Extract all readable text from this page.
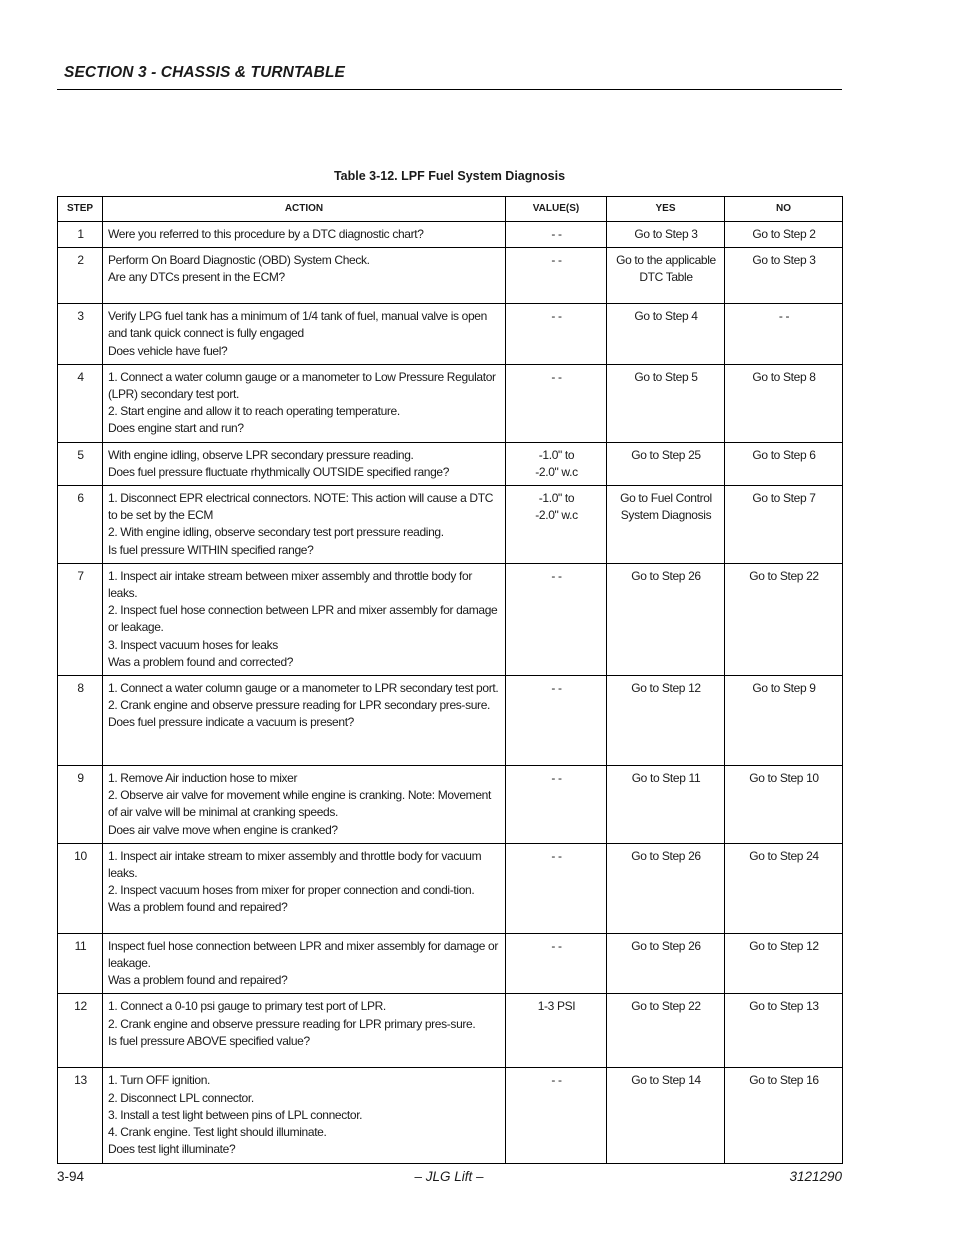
SECTION 3 - CHASSIS & TURNTABLE
Table 3-12. LPF Fuel System Diagnosis
STEP	ACTION	VALUE(S)	YES	NO
1	Were you referred to this procedure by a DTC diagnostic chart?	- -	Go to Step 3	Go to Step 2
2	Perform On Board Diagnostic (OBD) System Check.
Are any DTCs present in the ECM?	- -	Go to the applicable DTC Table	Go to Step 3
3	Verify LPG fuel tank has a minimum of 1/4 tank of fuel, manual valve is open and tank quick connect is fully engaged
Does vehicle have fuel?	- -	Go to Step 4	- -
4	1. Connect a water column gauge or a manometer to Low Pressure Regulator (LPR) secondary test port.
2. Start engine and allow it to reach operating temperature.
Does engine start and run?	- -	Go to Step 5	Go to Step 8
5	With engine idling, observe LPR secondary pressure reading.
Does fuel pressure fluctuate rhythmically OUTSIDE specified range?	-1.0" to
-2.0" w.c	Go to Step 25	Go to Step 6
6	1. Disconnect EPR electrical connectors. NOTE: This action will cause a DTC to be set by the ECM
2. With engine idling, observe secondary test port pressure reading.
Is fuel pressure WITHIN specified range?	-1.0" to
-2.0" w.c	Go to Fuel Control System Diagnosis	Go to Step 7
7	1. Inspect air intake stream between mixer assembly and throttle body for leaks.
2. Inspect fuel hose connection between LPR and mixer assembly for damage or leakage.
3. Inspect vacuum hoses for leaks
Was a problem found and corrected?	- -	Go to Step 26	Go to Step 22
8	1. Connect a water column gauge or a manometer to LPR secondary test port.
2. Crank engine and observe pressure reading for LPR secondary pres-sure.
Does fuel pressure indicate a vacuum is present?	- -	Go to Step 12	Go to Step 9
9	1. Remove Air induction hose to mixer
2. Observe air valve for movement while engine is cranking. Note: Movement of air valve will be minimal at cranking speeds.
Does air valve move when engine is cranked?	- -	Go to Step 11	Go to Step 10
10	1. Inspect air intake stream to mixer assembly and throttle body for vacuum leaks.
2. Inspect vacuum hoses from mixer for proper connection and condi-tion.
Was a problem found and repaired?	- -	Go to Step 26	Go to Step 24
11	Inspect fuel hose connection between LPR and mixer assembly for damage or leakage.
Was a problem found and repaired?	- -	Go to Step 26	Go to Step 12
12	1. Connect a 0-10 psi gauge to primary test port of LPR.
2. Crank engine and observe pressure reading for LPR primary pres-sure.
Is fuel pressure ABOVE specified value?	1-3 PSI	Go to Step 22	Go to Step 13
13	1. Turn OFF ignition.
2. Disconnect LPL connector.
3. Install a test light between pins of LPL connector.
4. Crank engine. Test light should illuminate.
Does test light illuminate?	- -	Go to Step 14	Go to Step 16
3-94	– JLG Lift –	3121290
